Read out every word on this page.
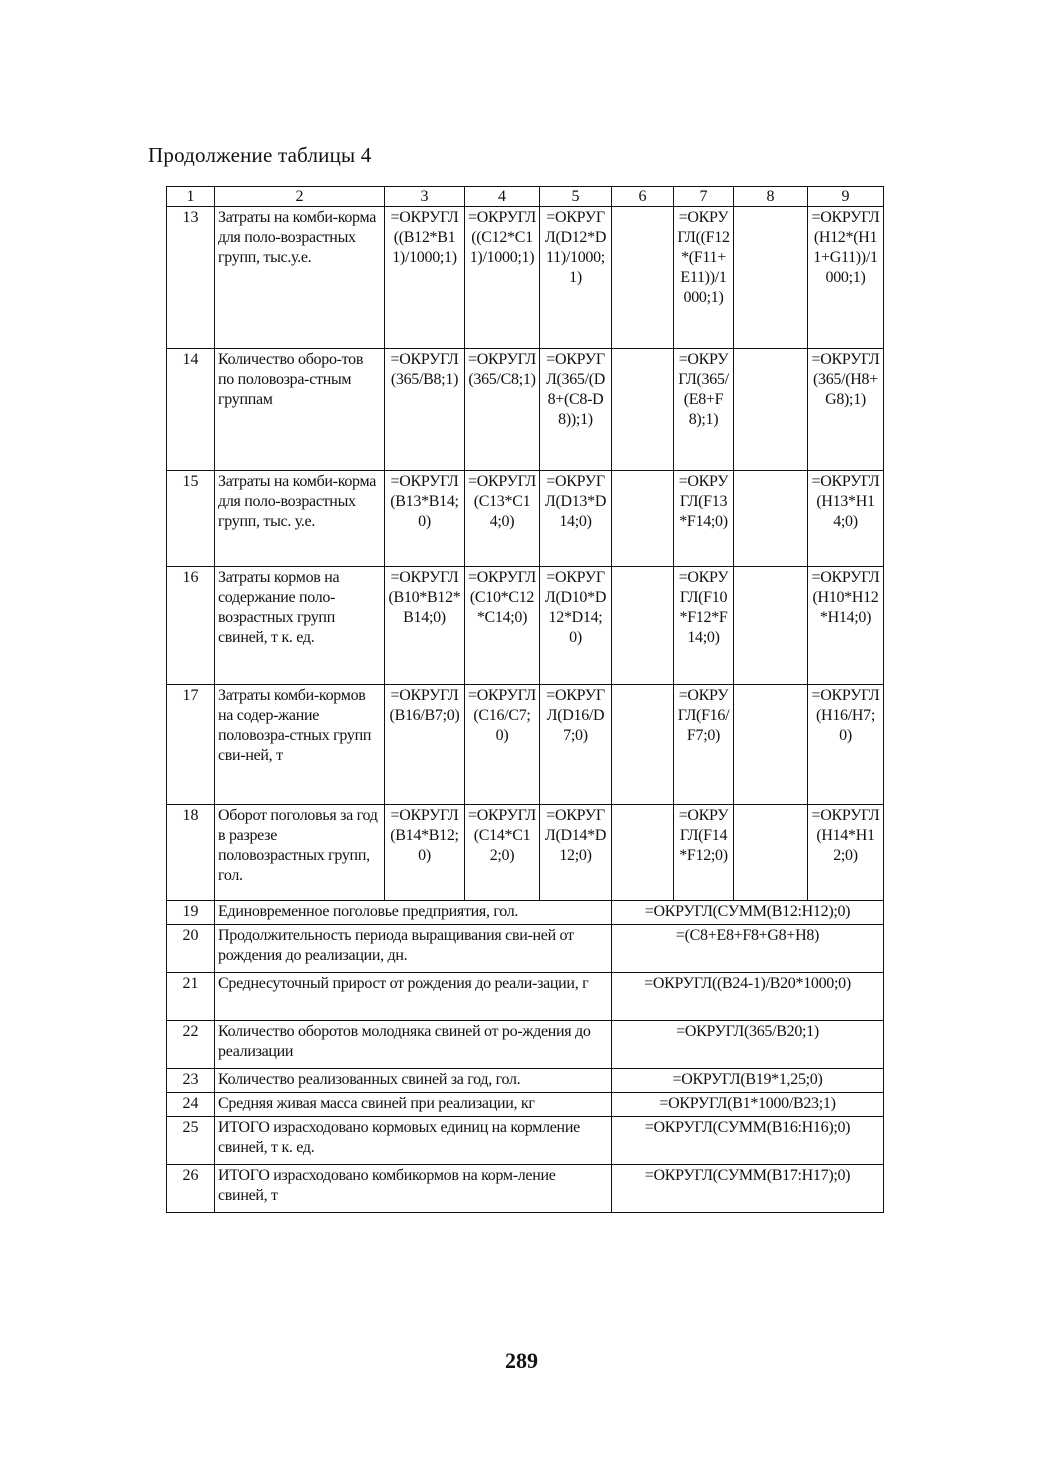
Продолжение таблицы 4
1	2	3	4	5	6	7	8	9
13	Затраты на комби-корма для поло-возрастных групп, тыс.у.е.	=ОКРУГЛ((B12*B11)/1000;1)	=ОКРУГЛ((C12*C11)/1000;1)	=ОКРУГЛ(D12*D11)/1000;1)		=ОКРУГЛ((F12*(F11+E11))/1000;1)		=ОКРУГЛ(H12*(H11+G11))/1000;1)
14	Количество оборо-тов по половозра-стным группам	=ОКРУГЛ(365/B8;1)	=ОКРУГЛ(365/C8;1)	=ОКРУГЛ(365/(D8+(C8-D8));1)		=ОКРУГЛ(365/(E8+F8);1)		=ОКРУГЛ(365/(H8+G8);1)
15	Затраты на комби-корма для поло-возрастных групп, тыс. у.е.	=ОКРУГЛ(B13*B14;0)	=ОКРУГЛ(C13*C14;0)	=ОКРУГЛ(D13*D14;0)		=ОКРУГЛ(F13*F14;0)		=ОКРУГЛ(H13*H14;0)
16	Затраты кормов на содержание поло-возрастных групп свиней, т к. ед.	=ОКРУГЛ(B10*B12*B14;0)	=ОКРУГЛ(C10*C12*C14;0)	=ОКРУГЛ(D10*D12*D14;0)		=ОКРУГЛ(F10*F12*F14;0)		=ОКРУГЛ(H10*H12*H14;0)
17	Затраты комби-кормов на содер-жание половозра-стных групп сви-ней, т	=ОКРУГЛ(B16/B7;0)	=ОКРУГЛ(C16/C7;0)	=ОКРУГЛ(D16/D7;0)		=ОКРУГЛ(F16/F7;0)		=ОКРУГЛ(H16/H7;0)
18	Оборот поголовья за год в разрезе половозрастных групп, гол.	=ОКРУГЛ(B14*B12;0)	=ОКРУГЛ(C14*C12;0)	=ОКРУГЛ(D14*D12;0)		=ОКРУГЛ(F14*F12;0)		=ОКРУГЛ(H14*H12;0)
19	Единовременное поголовье предприятия, гол.				=ОКРУГЛ(СУММ(B12:H12);0)			
20	Продолжительность периода выращивания сви-ней от рождения до реализации, дн.				=(C8+E8+F8+G8+H8)			
21	Среднесуточный прирост от рождения до реали-зации, г				=ОКРУГЛ((B24-1)/B20*1000;0)			
22	Количество оборотов молодняка свиней от ро-ждения до реализации				=ОКРУГЛ(365/B20;1)			
23	Количество реализованных свиней за год, гол.				=ОКРУГЛ(B19*1,25;0)			
24	Средняя живая масса свиней при реализации, кг				=ОКРУГЛ(B1*1000/B23;1)			
25	ИТОГО израсходовано кормовых единиц на кормление свиней, т к. ед.				=ОКРУГЛ(СУММ(B16:H16);0)			
26	ИТОГО израсходовано комбикормов на корм-ление свиней, т				=ОКРУГЛ(СУММ(B17:H17);0)			
289
